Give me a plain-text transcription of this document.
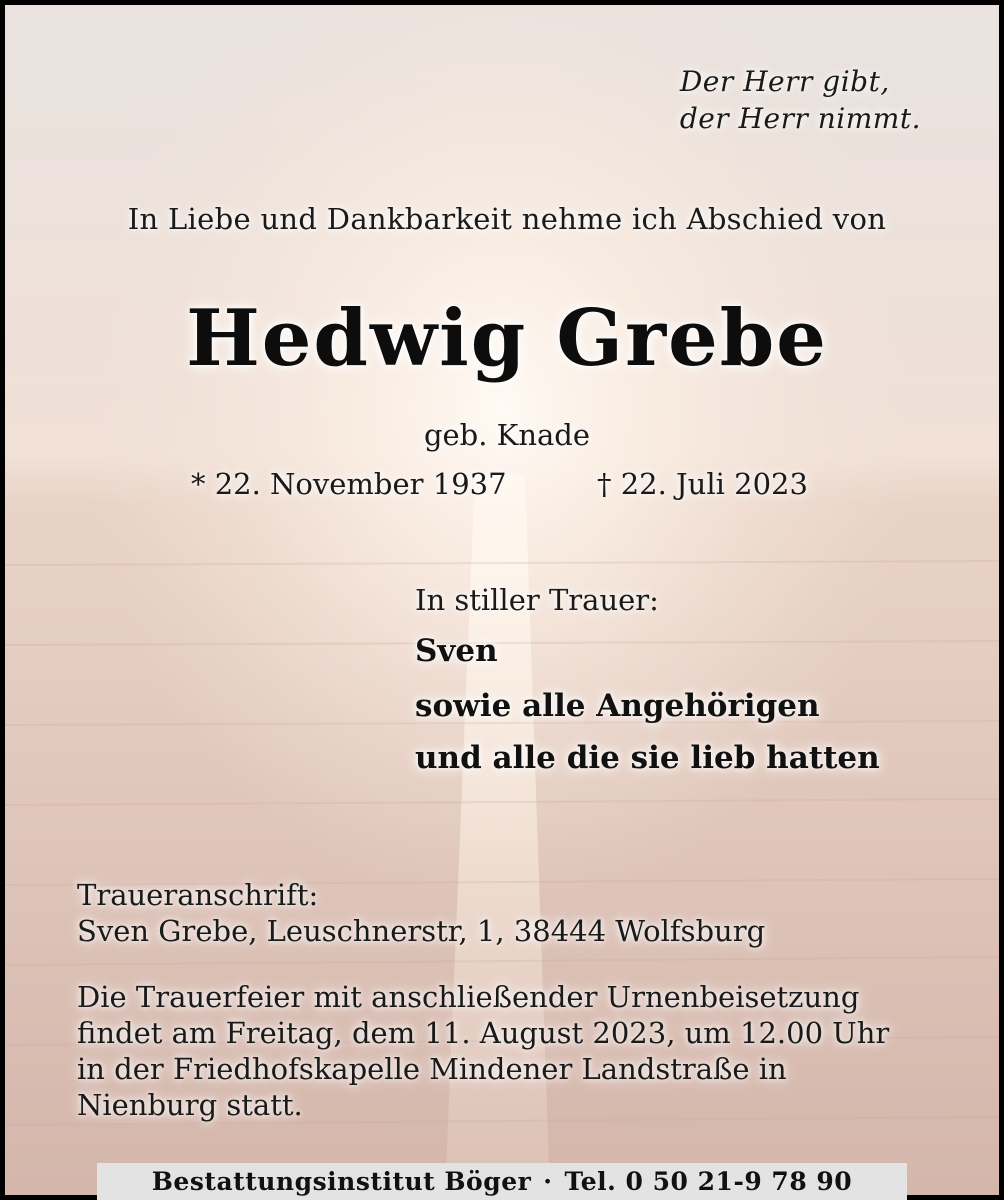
Der Herr gibt,
der Herr nimmt.
In Liebe und Dankbarkeit nehme ich Abschied von
Hedwig Grebe
geb. Knade
* 22. November 1937	† 22. Juli 2023
In stiller Trauer:
Sven
sowie alle Angehörigen
und alle die sie lieb hatten
Traueranschrift:
Sven Grebe, Leuschnerstr, 1, 38444 Wolfsburg
Die Trauerfeier mit anschließender Urnenbeisetzung
findet am Freitag, dem 11. August 2023, um 12.00 Uhr
in der Friedhofskapelle Mindener Landstraße in
Nienburg statt.
Bestattungsinstitut Böger · Tel. 0 50 21-9 78 90
